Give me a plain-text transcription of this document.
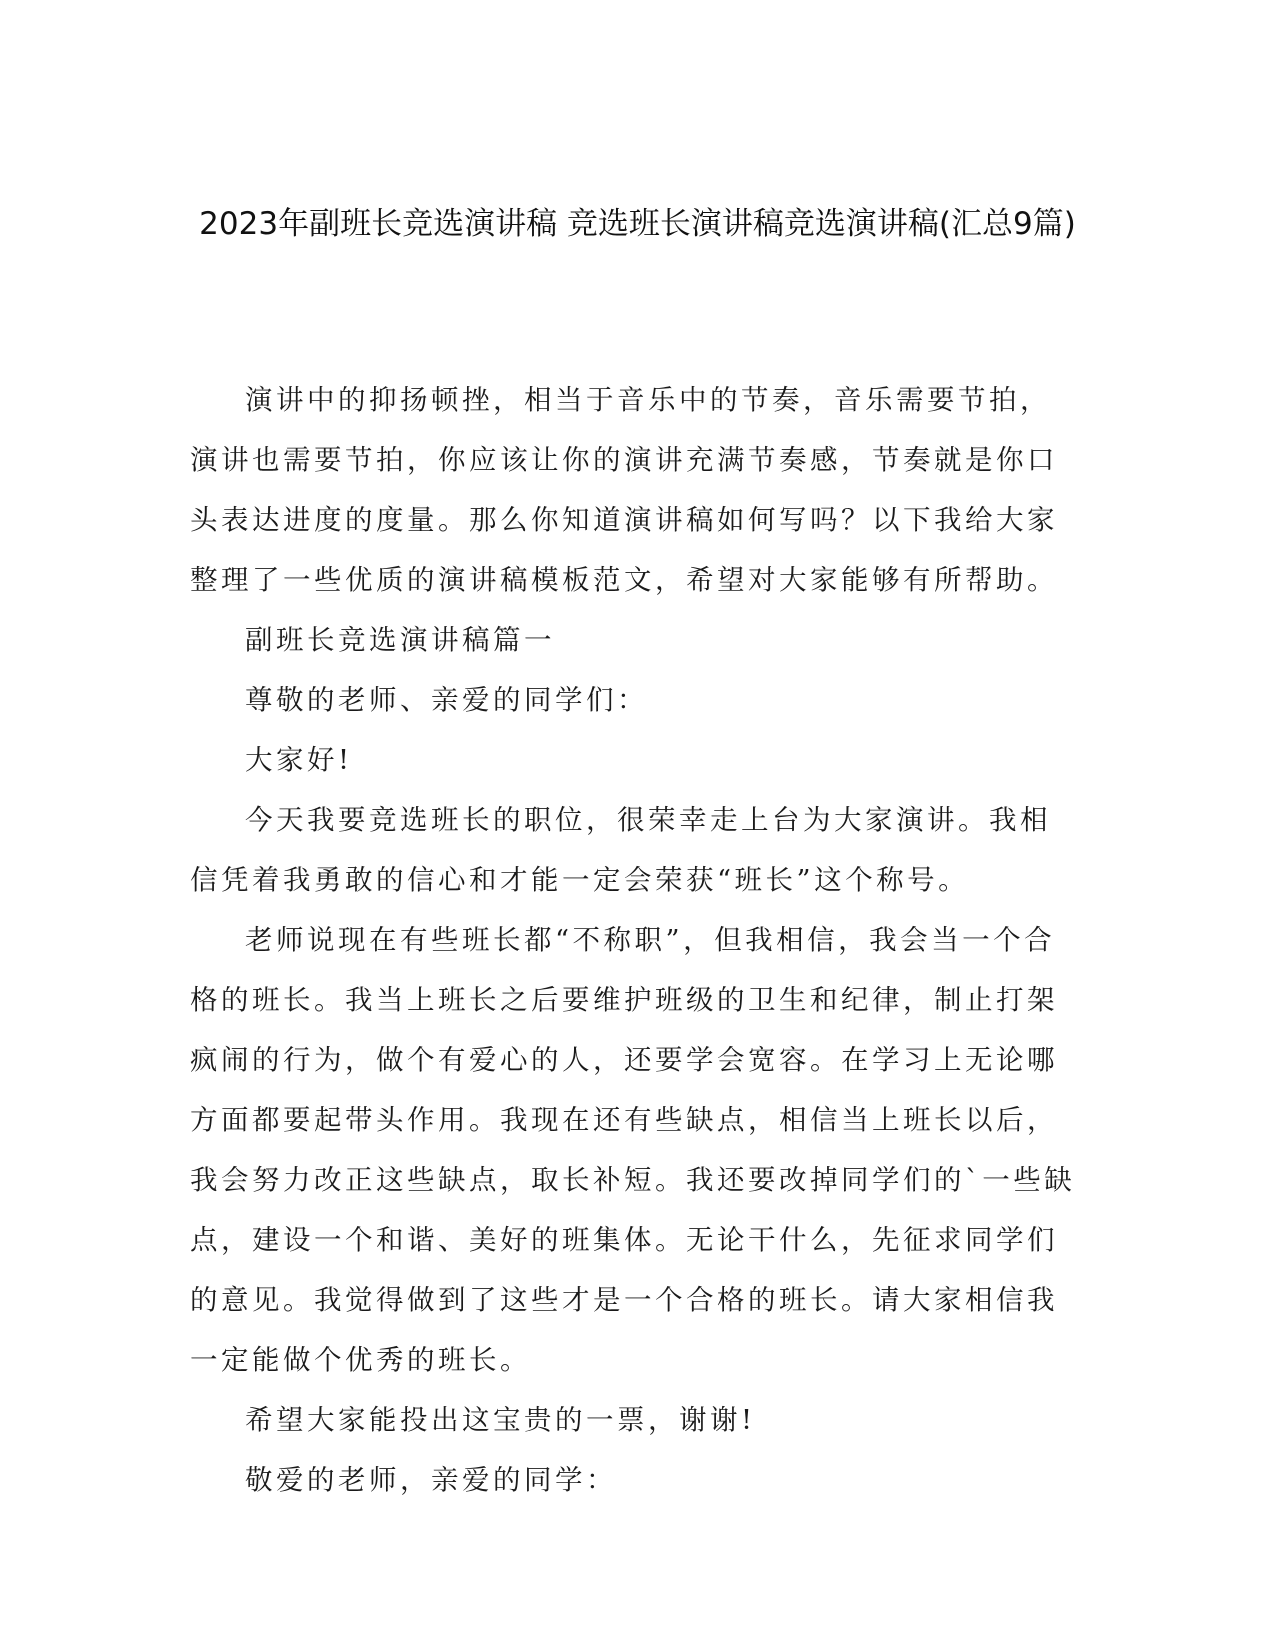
2023年副班长竞选演讲稿 竞选班长演讲稿竞选演讲稿(汇总9篇)

演讲中的抑扬顿挫，相当于音乐中的节奏，音乐需要节拍，演讲也需要节拍，你应该让你的演讲充满节奏感，节奏就是你口头表达进度的度量。那么你知道演讲稿如何写吗？以下我给大家整理了一些优质的演讲稿模板范文，希望对大家能够有所帮助。

副班长竞选演讲稿篇一

尊敬的老师、亲爱的同学们：

大家好!

今天我要竞选班长的职位，很荣幸走上台为大家演讲。我相信凭着我勇敢的信心和才能一定会荣获“班长”这个称号。

老师说现在有些班长都“不称职”，但我相信，我会当一个合格的班长。我当上班长之后要维护班级的卫生和纪律，制止打架疯闹的行为，做个有爱心的人，还要学会宽容。在学习上无论哪方面都要起带头作用。我现在还有些缺点，相信当上班长以后，我会努力改正这些缺点，取长补短。我还要改掉同学们的`一些缺点，建设一个和谐、美好的班集体。无论干什么，先征求同学们的意见。我觉得做到了这些才是一个合格的班长。请大家相信我一定能做个优秀的班长。

希望大家能投出这宝贵的一票，谢谢!

敬爱的老师，亲爱的同学：
